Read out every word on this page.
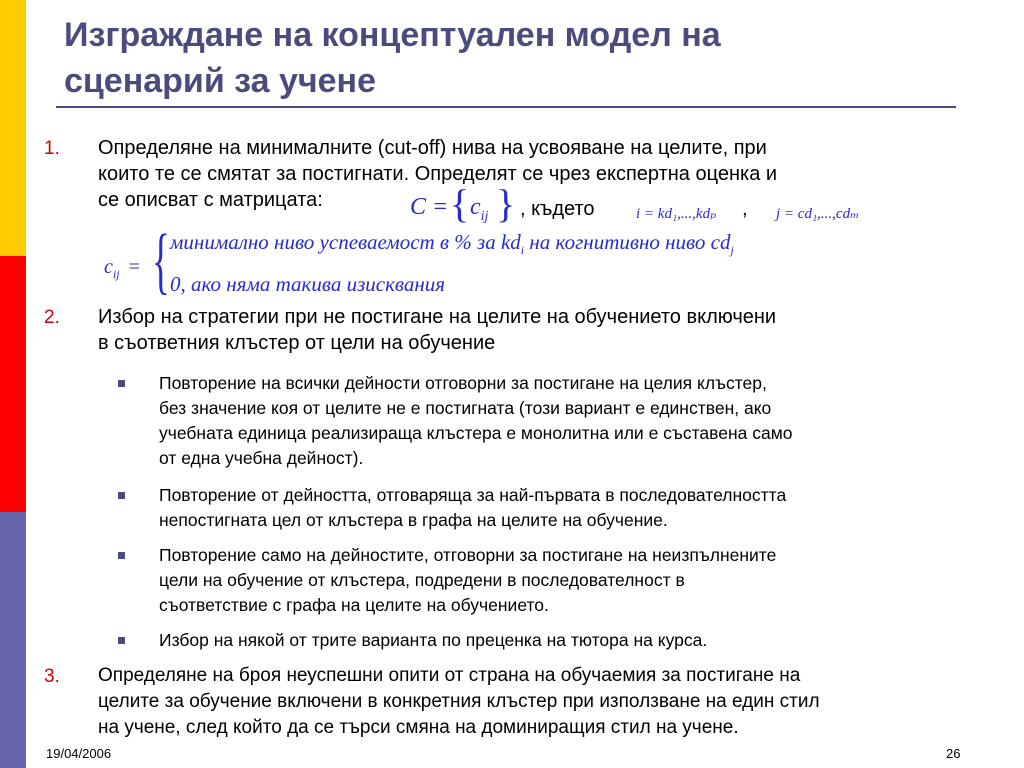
Изграждане на концептуален модел на
сценарий за учене
1. Определяне на минималните (cut-off) нива на усвояване на целите, при
които те се смятат за постигнати. Определят се чрез експертна оценка и
се описват с матрицата:	C = { $c_{ij}$ } , където	i = kd₁,...,kdₚ , j = cd₁,...,cdₘ
$c_{ij}$ = { минимално ниво успеваемост в % за $kd_i$ на когнитивно ниво $cd_j$
0, ако няма такива изисквания
2. Избор на стратегии при не постигане на целите на обучението включени
в съответния клъстер от цели на обучение
Повторение на всички дейности отговорни за постигане на целия клъстер,
без значение коя от целите не е постигната (този вариант е единствен, ако
учебната единица реализираща клъстера е монолитна или е съставена само
от една учебна дейност).
Повторение от дейността, отговаряща за най-първата в последователността
непостигната цел от клъстера в графа на целите на обучение.
Повторение само на дейностите, отговорни за постигане на неизпълнените
цели на обучение от клъстера, подредени в последователност в
съответствие с графа на целите на обучението.
Избор на някой от трите варианта по преценка на тютора на курса.
3. Определяне на броя неуспешни опити от страна на обучаемия за постигане на
целите за обучение включени в конкретния клъстер при използване на един стил
на учене, след който да се търси смяна на доминиращия стил на учене.
19/04/2006	26
